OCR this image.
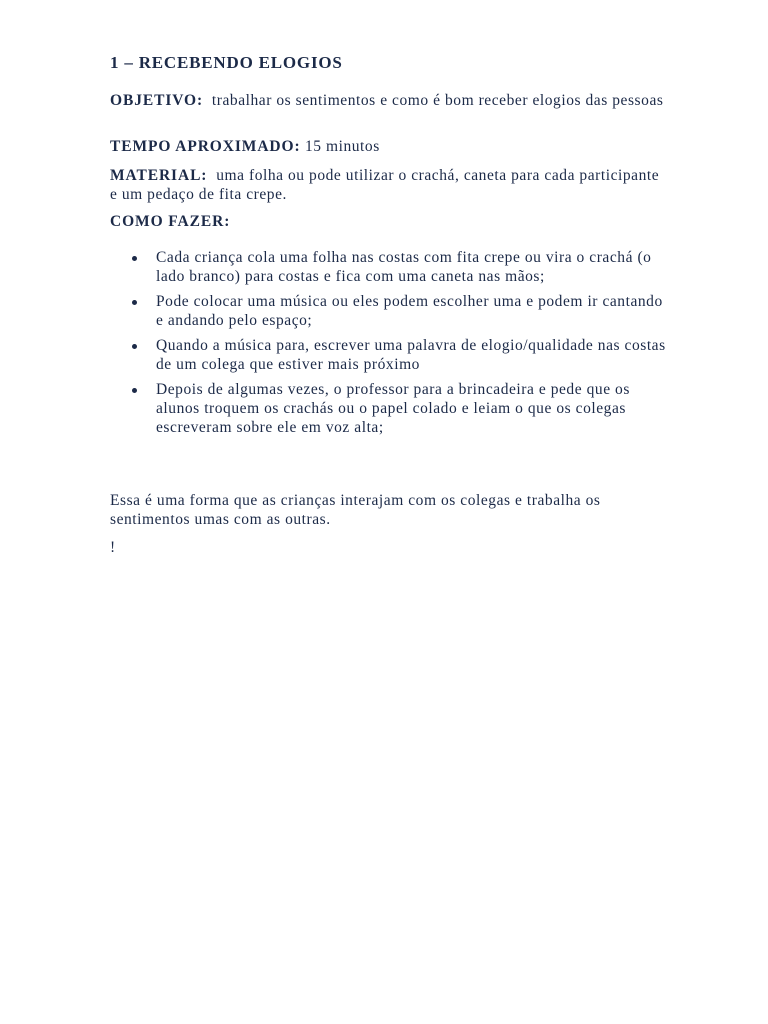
1 – RECEBENDO ELOGIOS
OBJETIVO:  trabalhar os sentimentos e como é bom receber elogios das pessoas
TEMPO APROXIMADO: 15 minutos
MATERIAL:  uma folha ou pode utilizar o crachá, caneta para cada participante e um pedaço de fita crepe.
COMO FAZER:
Cada criança cola uma folha nas costas com fita crepe ou vira o crachá (o lado branco) para costas e fica com uma caneta nas mãos;
Pode colocar uma música ou eles podem escolher uma e podem ir cantando e andando pelo espaço;
Quando a música para, escrever uma palavra de elogio/qualidade nas costas de um colega que estiver mais próximo
Depois de algumas vezes, o professor para a brincadeira e pede que os alunos troquem os crachás ou o papel colado e leiam o que os colegas escreveram sobre ele em voz alta;
Essa é uma forma que as crianças interajam com os colegas e trabalha os sentimentos umas com as outras.
!
